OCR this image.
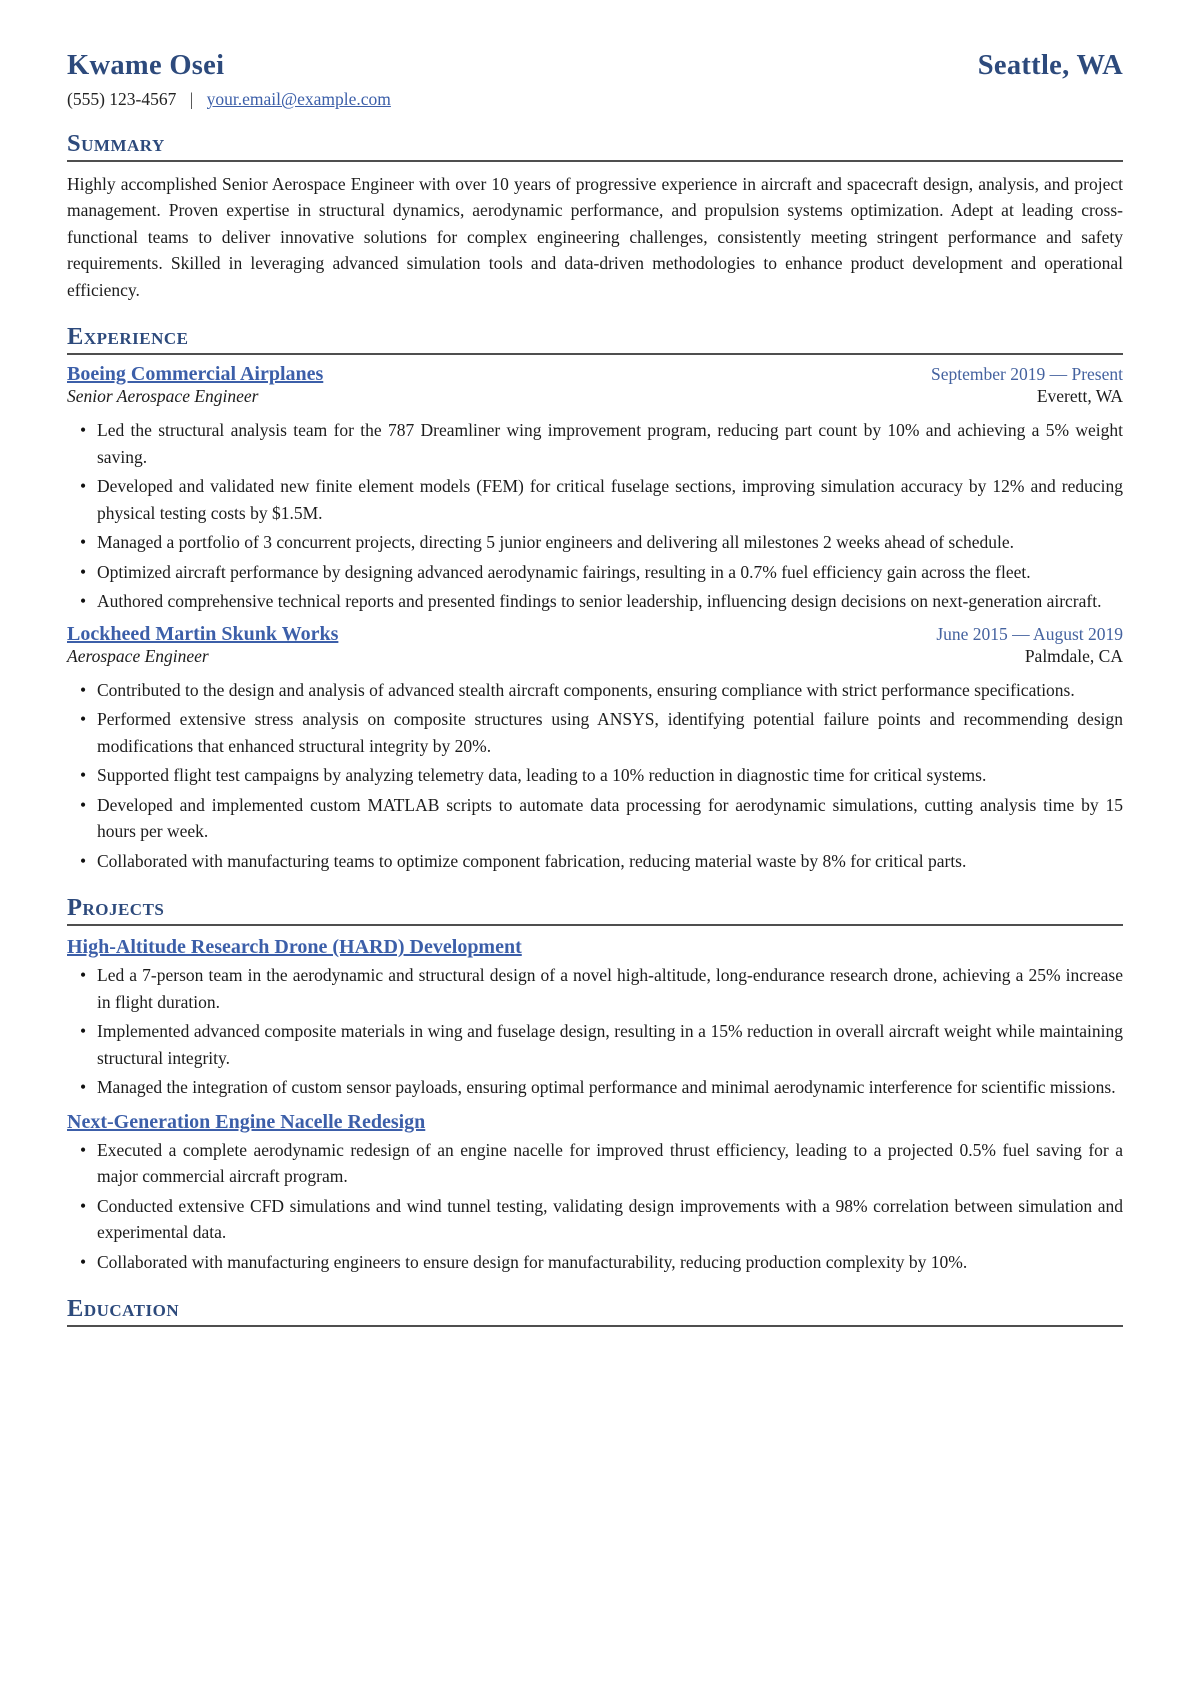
Kwame Osei	Seattle, WA
(555) 123-4567 | your.email@example.com
Summary

Highly accomplished Senior Aerospace Engineer with over 10 years of progressive experience in aircraft and spacecraft design, analysis, and project management. Proven expertise in structural dynamics, aerodynamic performance, and propulsion systems optimization. Adept at leading cross-functional teams to deliver innovative solutions for complex engineering challenges, consistently meeting stringent performance and safety requirements. Skilled in leveraging advanced simulation tools and data-driven methodologies to enhance product development and operational efficiency.

Experience
Boeing Commercial Airplanes	September 2019 — Present
Senior Aerospace Engineer	Everett, WA
• Led the structural analysis team for the 787 Dreamliner wing improvement program, reducing part count by 10% and achieving a 5% weight saving.
• Developed and validated new finite element models (FEM) for critical fuselage sections, improving simulation accuracy by 12% and reducing physical testing costs by $1.5M.
• Managed a portfolio of 3 concurrent projects, directing 5 junior engineers and delivering all milestones 2 weeks ahead of schedule.
• Optimized aircraft performance by designing advanced aerodynamic fairings, resulting in a 0.7% fuel efficiency gain across the fleet.
• Authored comprehensive technical reports and presented findings to senior leadership, influencing design decisions on next-generation aircraft.
Lockheed Martin Skunk Works	June 2015 — August 2019
Aerospace Engineer	Palmdale, CA
• Contributed to the design and analysis of advanced stealth aircraft components, ensuring compliance with strict performance specifications.
• Performed extensive stress analysis on composite structures using ANSYS, identifying potential failure points and recommending design modifications that enhanced structural integrity by 20%.
• Supported flight test campaigns by analyzing telemetry data, leading to a 10% reduction in diagnostic time for critical systems.
• Developed and implemented custom MATLAB scripts to automate data processing for aerodynamic simulations, cutting analysis time by 15 hours per week.
• Collaborated with manufacturing teams to optimize component fabrication, reducing material waste by 8% for critical parts.
Projects
High-Altitude Research Drone (HARD) Development
• Led a 7-person team in the aerodynamic and structural design of a novel high-altitude, long-endurance research drone, achieving a 25% increase in flight duration.
• Implemented advanced composite materials in wing and fuselage design, resulting in a 15% reduction in overall aircraft weight while maintaining structural integrity.
• Managed the integration of custom sensor payloads, ensuring optimal performance and minimal aerodynamic interference for scientific missions.
Next-Generation Engine Nacelle Redesign
• Executed a complete aerodynamic redesign of an engine nacelle for improved thrust efficiency, leading to a projected 0.5% fuel saving for a major commercial aircraft program.
• Conducted extensive CFD simulations and wind tunnel testing, validating design improvements with a 98% correlation between simulation and experimental data.
• Collaborated with manufacturing engineers to ensure design for manufacturability, reducing production complexity by 10%.
Education
